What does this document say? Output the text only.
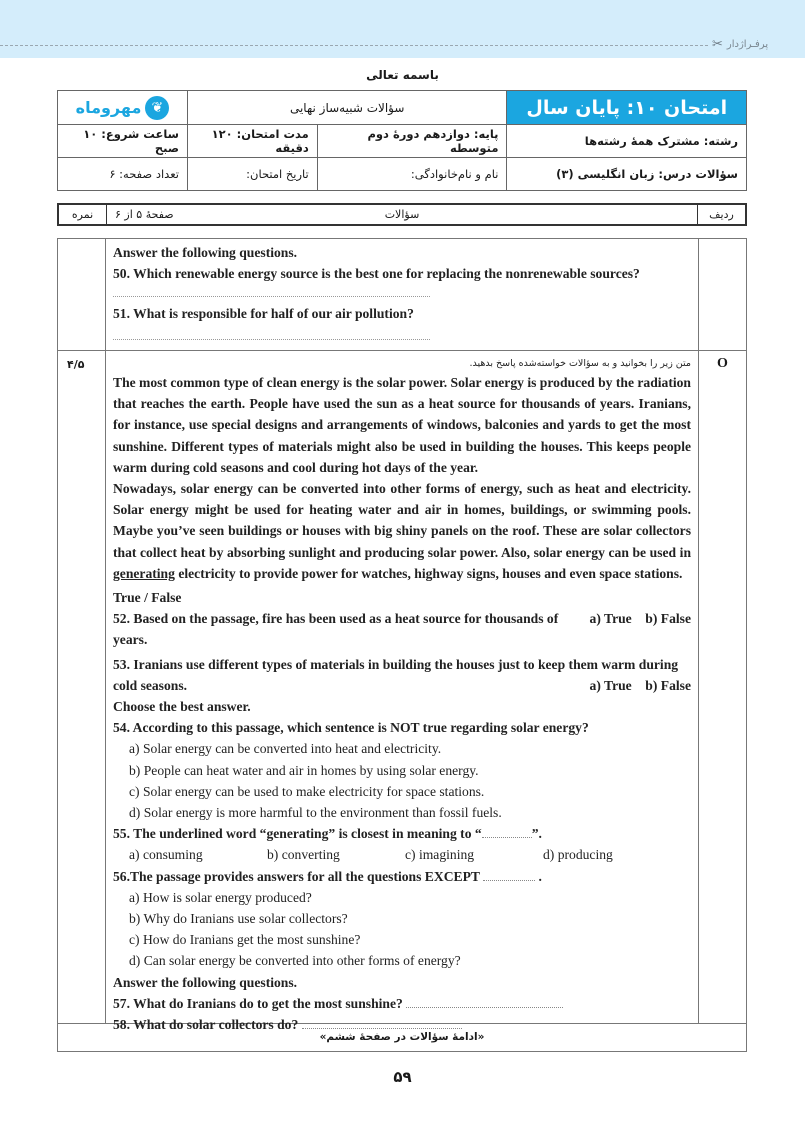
پرفـراژدار
✂
باسمه تعالی
امتحان ۱۰: پایان سال	سؤالات شبیه‌ساز نهایی		❦
مهروماه

رشته: مشترک همهٔ رشته‌ها	پایه: دوازدهم دورهٔ دوم متوسطه	مدت امتحان: ۱۲۰ دقیقه	ساعت شروع: ۱۰ صبح
سؤالات درس: زبان انگلیسی (۳)	نام و نام‌خانوادگی:	تاریخ امتحان:	تعداد صفحه: ۶
ردیف
سؤالات
صفحهٔ ۵ از ۶
نمره
Answer the following questions.
50. Which renewable energy source is the best one for replacing the nonrenewable sources?
51. What is responsible for half of our air pollution?
۴/۵	O
متن زیر را بخوانید و به سؤالات خواسته‌شده پاسخ بدهید.
The most common type of clean energy is the solar power. Solar energy is produced by the radiation that reaches the earth. People have used the sun as a heat source for thousands of years. Iranians, for instance, use special designs and arrangements of windows, balconies and yards to get the most sunshine. Different types of materials might also be used in building the houses. This keeps people warm during cold seasons and cool during hot days of the year.
Nowadays, solar energy can be converted into other forms of energy, such as heat and electricity. Solar energy might be used for heating water and air in homes, buildings, or swimming pools. Maybe you’ve seen buildings or houses with big shiny panels on the roof. These are solar collectors that collect heat by absorbing sunlight and producing solar power. Also, solar energy can be used in generating electricity to provide power for watches, highway signs, houses and even space stations.
True / False
52. Based on the passage, fire has been used as a heat source for thousands of years.
a) True    b) False
53. Iranians use different types of materials in building the houses just to keep them warm during
cold seasons.	a) True    b) False
Choose the best answer.
54. According to this passage, which sentence is NOT true regarding solar energy?
a) Solar energy can be converted into heat and electricity.
b) People can heat water and air in homes by using solar energy.
c) Solar energy can be used to make electricity for space stations.
d) Solar energy is more harmful to the environment than fossil fuels.
55. The underlined word “generating” is closest in meaning to “	”.
a) consuming	b) converting	c) imagining	d) producing
56.The passage provides answers for all the questions EXCEPT	.
a) How is solar energy produced?
b) Why do Iranians use solar collectors?
c) How do Iranians get the most sunshine?
d) Can solar energy be converted into other forms of energy?
Answer the following questions.
57. What do Iranians do to get the most sunshine?
58. What do solar collectors do?
«ادامهٔ سؤالات در صفحهٔ ششم»
۵۹
